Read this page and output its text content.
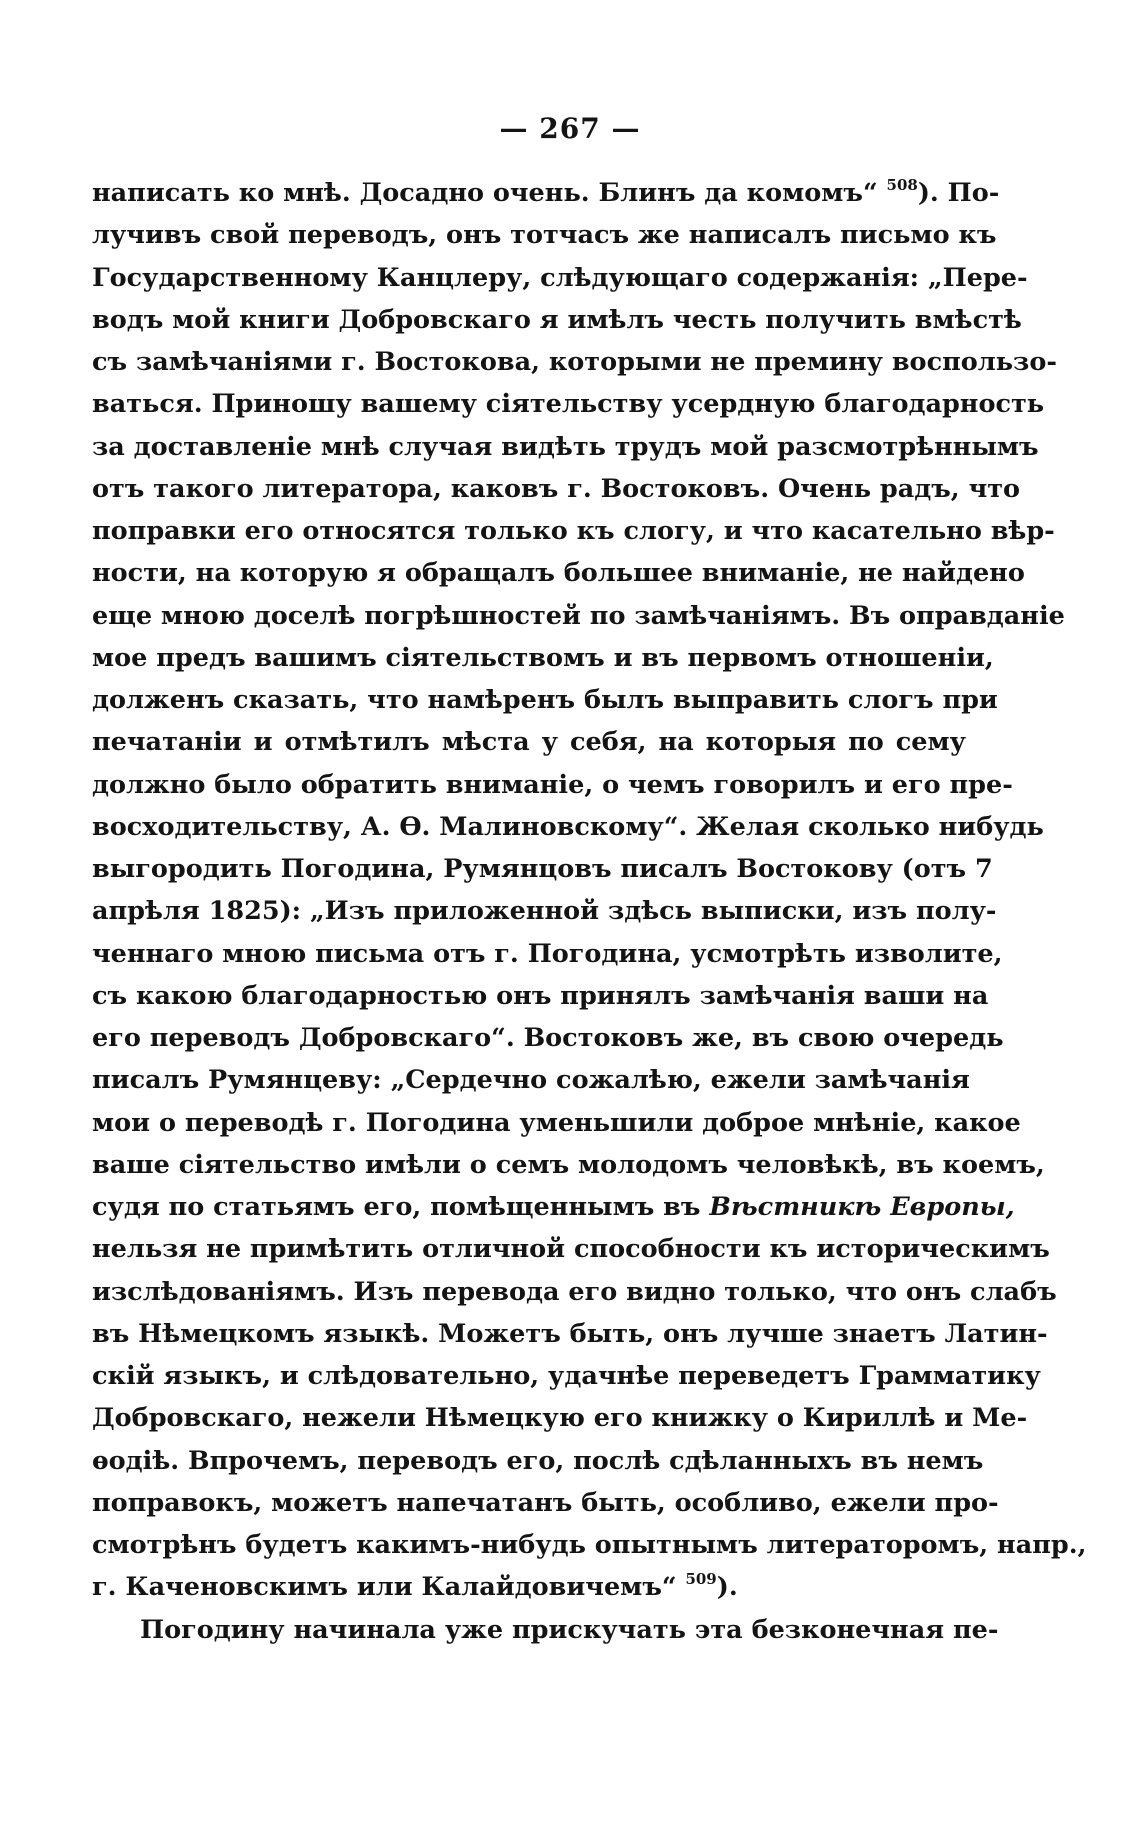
— 267 —
написать ко мнѣ. Досадно очень. Блинъ да комомъ“ $^{508}$). По-
лучивъ свой переводъ, онъ тотчасъ же написалъ письмо къ
Государственному Канцлеру, слѣдующаго содержанія: „Пере-
водъ мой книги Добровскаго я имѣлъ честь получить вмѣстѣ
съ замѣчаніями г. Востокова, которыми не премину воспользо-
ваться. Приношу вашему сіятельству усердную благодарность
за доставленіе мнѣ случая видѣть трудъ мой разсмотрѣннымъ
отъ такого литератора, каковъ г. Востоковъ. Очень радъ, что
поправки его относятся только къ слогу, и что касательно вѣр-
ности, на которую я обращалъ большее вниманіе, не найдено
еще мною доселѣ погрѣшностей по замѣчаніямъ. Въ оправданіе
мое предъ вашимъ сіятельствомъ и въ первомъ отношеніи,
долженъ сказать, что намѣренъ былъ выправить слогъ при
печатаніи и отмѣтилъ мѣста у себя, на которыя по сему
должно было обратить вниманіе, о чемъ говорилъ и его пре-
восходительству, А. Ѳ. Малиновскому“. Желая сколько нибудь
выгородить Погодина, Румянцовъ писалъ Востокову (отъ 7
апрѣля 1825): „Изъ приложенной здѣсь выписки, изъ полу-
ченнаго мною письма отъ г. Погодина, усмотрѣть изволите,
съ какою благодарностью онъ принялъ замѣчанія ваши на
его переводъ Добровскаго“. Востоковъ же, въ свою очередь
писалъ Румянцеву: „Сердечно сожалѣю, ежели замѣчанія
мои о переводѣ г. Погодина уменьшили доброе мнѣніе, какое
ваше сіятельство имѣли о семъ молодомъ человѣкѣ, въ коемъ,
судя по статьямъ его, помѣщеннымъ въ Вѣстникѣ Европы,
нельзя не примѣтить отличной способности къ историческимъ
изслѣдованіямъ. Изъ перевода его видно только, что онъ слабъ
въ Нѣмецкомъ языкѣ. Можетъ быть, онъ лучше знаетъ Латин-
скій языкъ, и слѣдовательно, удачнѣе переведетъ Грамматику
Добровскаго, нежели Нѣмецкую его книжку о Кириллѣ и Ме-
ѳодіѣ. Впрочемъ, переводъ его, послѣ сдѣланныхъ въ немъ
поправокъ, можетъ напечатанъ быть, особливо, ежели про-
смотрѣнъ будетъ какимъ-нибудь опытнымъ литераторомъ, напр.,
г. Каченовскимъ или Калайдовичемъ“ $^{509}$).
Погодину начинала уже прискучать эта безконечная пе-
